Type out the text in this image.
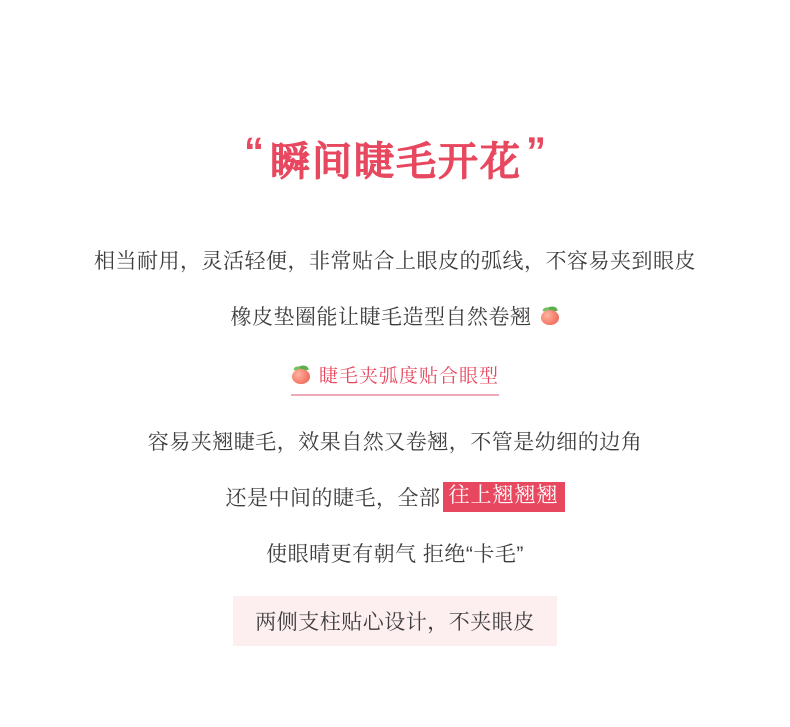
“ 瞬间睫毛开花 ”
相当耐用，灵活轻便，非常贴合上眼皮的弧线，不容易夹到眼皮
橡皮垫圈能让睫毛造型自然卷翘
睫毛夹弧度贴合眼型
容易夹翘睫毛，效果自然又卷翘，不管是幼细的边角
还是中间的睫毛，全部 往上翘翘翘
使眼晴更有朝气 拒绝“卡毛”
两侧支柱贴心设计，不夹眼皮
